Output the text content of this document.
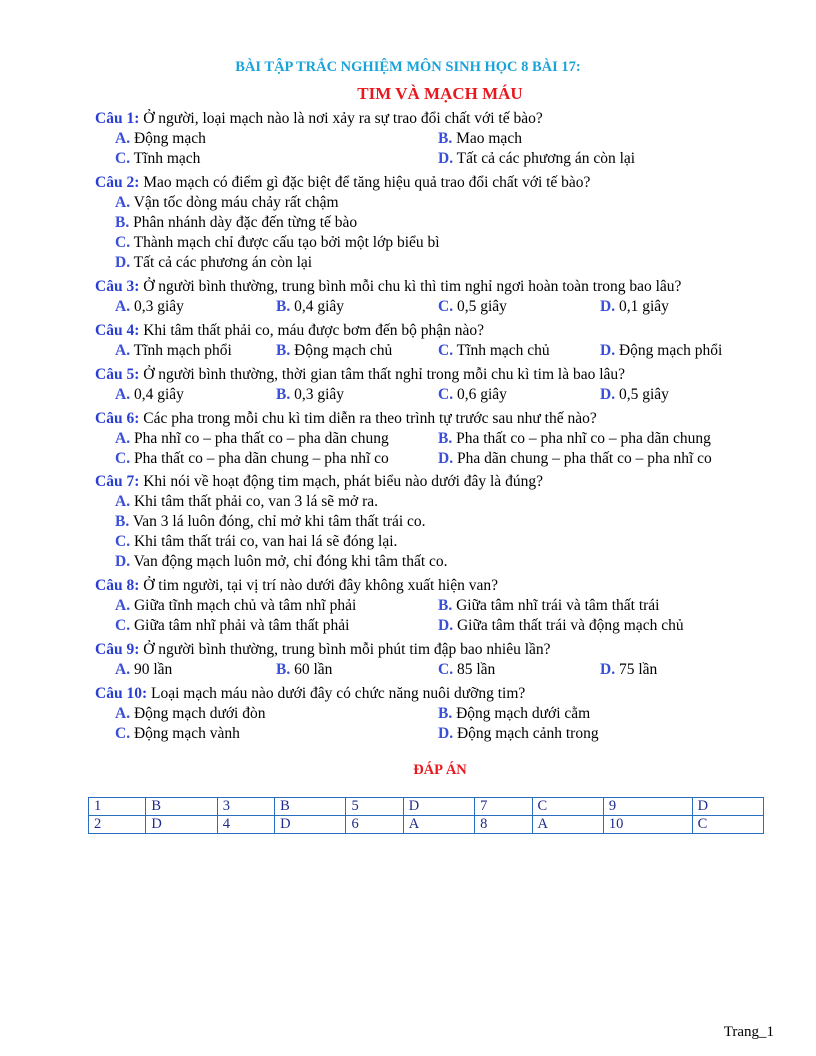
BÀI TẬP TRẮC NGHIỆM MÔN SINH HỌC 8 BÀI 17:
TIM VÀ MẠCH MÁU
Câu 1: Ở người, loại mạch nào là nơi xảy ra sự trao đổi chất với tế bào?
A. Động mạch	B. Mao mạch
C. Tĩnh mạch	D. Tất cả các phương án còn lại
Câu 2: Mao mạch có điểm gì đặc biệt để tăng hiệu quả trao đổi chất với tế bào?
A. Vận tốc dòng máu chảy rất chậm
B. Phân nhánh dày đặc đến từng tế bào
C. Thành mạch chỉ được cấu tạo bởi một lớp biểu bì
D. Tất cả các phương án còn lại
Câu 3: Ở người bình thường, trung bình mỗi chu kì thì tim nghỉ ngơi hoàn toàn trong bao lâu?
A. 0,3 giây	B. 0,4 giây	C. 0,5 giây	D. 0,1 giây
Câu 4: Khi tâm thất phải co, máu được bơm đến bộ phận nào?
A. Tĩnh mạch phổi	B. Động mạch chủ	C. Tĩnh mạch chủ	D. Động mạch phổi
Câu 5: Ở người bình thường, thời gian tâm thất nghỉ trong mỗi chu kì tim là bao lâu?
A. 0,4 giây	B. 0,3 giây	C. 0,6 giây	D. 0,5 giây
Câu 6: Các pha trong mỗi chu kì tim diễn ra theo trình tự trước sau như thế nào?
A. Pha nhĩ co – pha thất co – pha dãn chung	B. Pha thất co – pha nhĩ co – pha dãn chung
C. Pha thất co – pha dãn chung – pha nhĩ co	D. Pha dãn chung – pha thất co – pha nhĩ co
Câu 7: Khi nói về hoạt động tim mạch, phát biểu nào dưới đây là đúng?
A. Khi tâm thất phải co, van 3 lá sẽ mở ra.
B. Van 3 lá luôn đóng, chỉ mở khi tâm thất trái co.
C. Khi tâm thất trái co, van hai lá sẽ đóng lại.
D. Van động mạch luôn mở, chỉ đóng khi tâm thất co.
Câu 8: Ở tim người, tại vị trí nào dưới đây không xuất hiện van?
A. Giữa tĩnh mạch chủ và tâm nhĩ phải	B. Giữa tâm nhĩ trái và tâm thất trái
C. Giữa tâm nhĩ phải và tâm thất phải	D. Giữa tâm thất trái và động mạch chủ
Câu 9: Ở người bình thường, trung bình mỗi phút tim đập bao nhiêu lần?
A. 90 lần	B. 60 lần	C. 85 lần	D. 75 lần
Câu 10: Loại mạch máu nào dưới đây có chức năng nuôi dưỡng tim?
A. Động mạch dưới đòn	B. Động mạch dưới cằm
C. Động mạch vành	D. Động mạch cảnh trong
ĐÁP ÁN
1	B	3	B	5	D	7	C	9	D
2	D	4	D	6	A	8	A	10	C
Trang_1
